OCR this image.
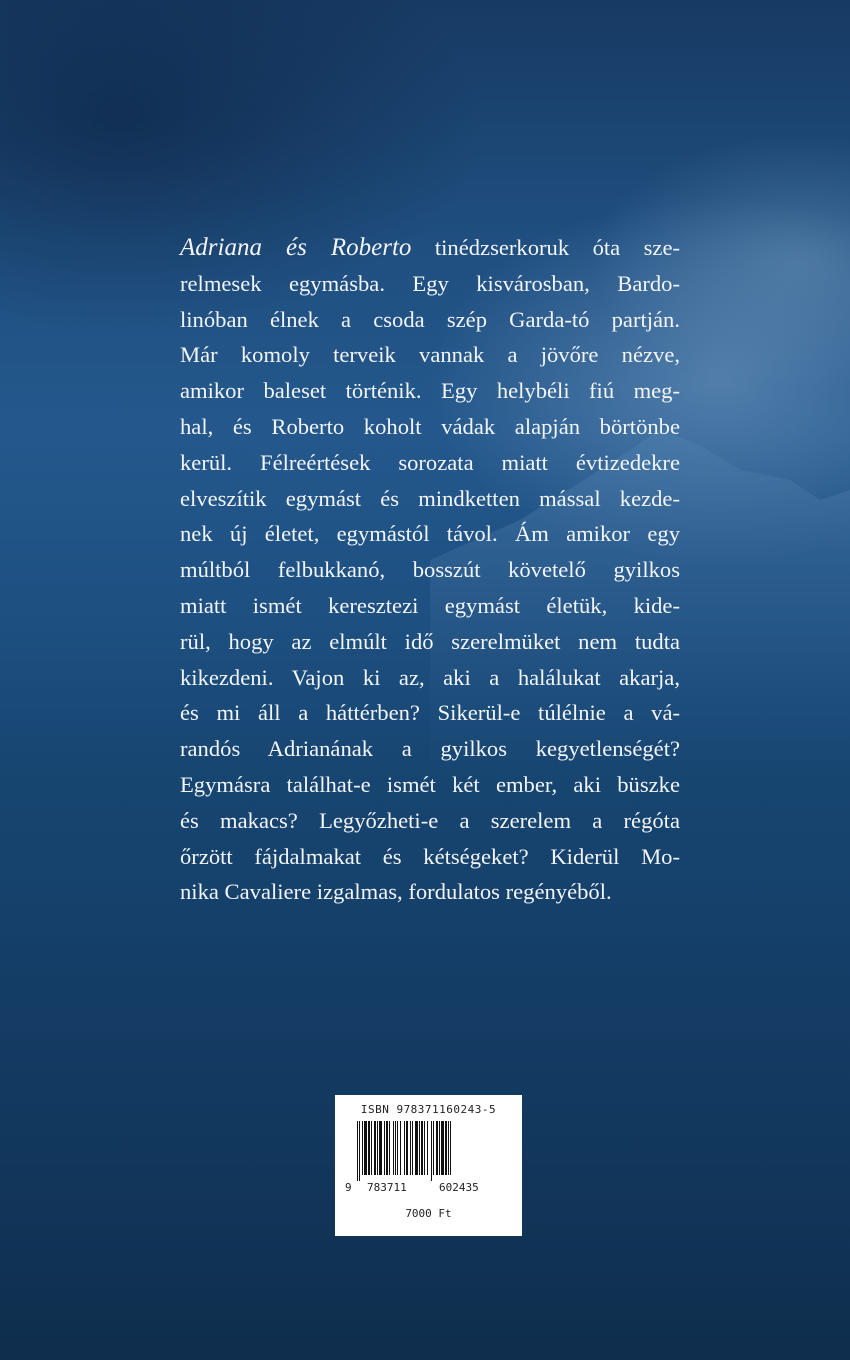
Adriana és Roberto tinédzserkoruk óta sze-
relmesek egymásba. Egy kisvárosban, Bardo-
linóban élnek a csoda szép Garda-tó partján.
Már komoly terveik vannak a jövőre nézve,
amikor baleset történik. Egy helybéli fiú meg-
hal, és Roberto koholt vádak alapján börtönbe
kerül. Félreértések sorozata miatt évtizedekre
elveszítik egymást és mindketten mással kezde-
nek új életet, egymástól távol. Ám amikor egy
múltból felbukkanó, bosszút követelő gyilkos
miatt ismét keresztezi egymást életük, kide-
rül, hogy az elmúlt idő szerelmüket nem tudta
kikezdeni. Vajon ki az, aki a halálukat akarja,
és mi áll a háttérben? Sikerül-e túlélnie a vá-
randós Adrianának a gyilkos kegyetlenségét?
Egymásra találhat-e ismét két ember, aki büszke
és makacs? Legyőzheti-e a szerelem a régóta
őrzött fájdalmakat és kétségeket? Kiderül Mo-
nika Cavaliere izgalmas, fordulatos regényéből.
ISBN 978371160243-5
9 783711	602435
7000 Ft
